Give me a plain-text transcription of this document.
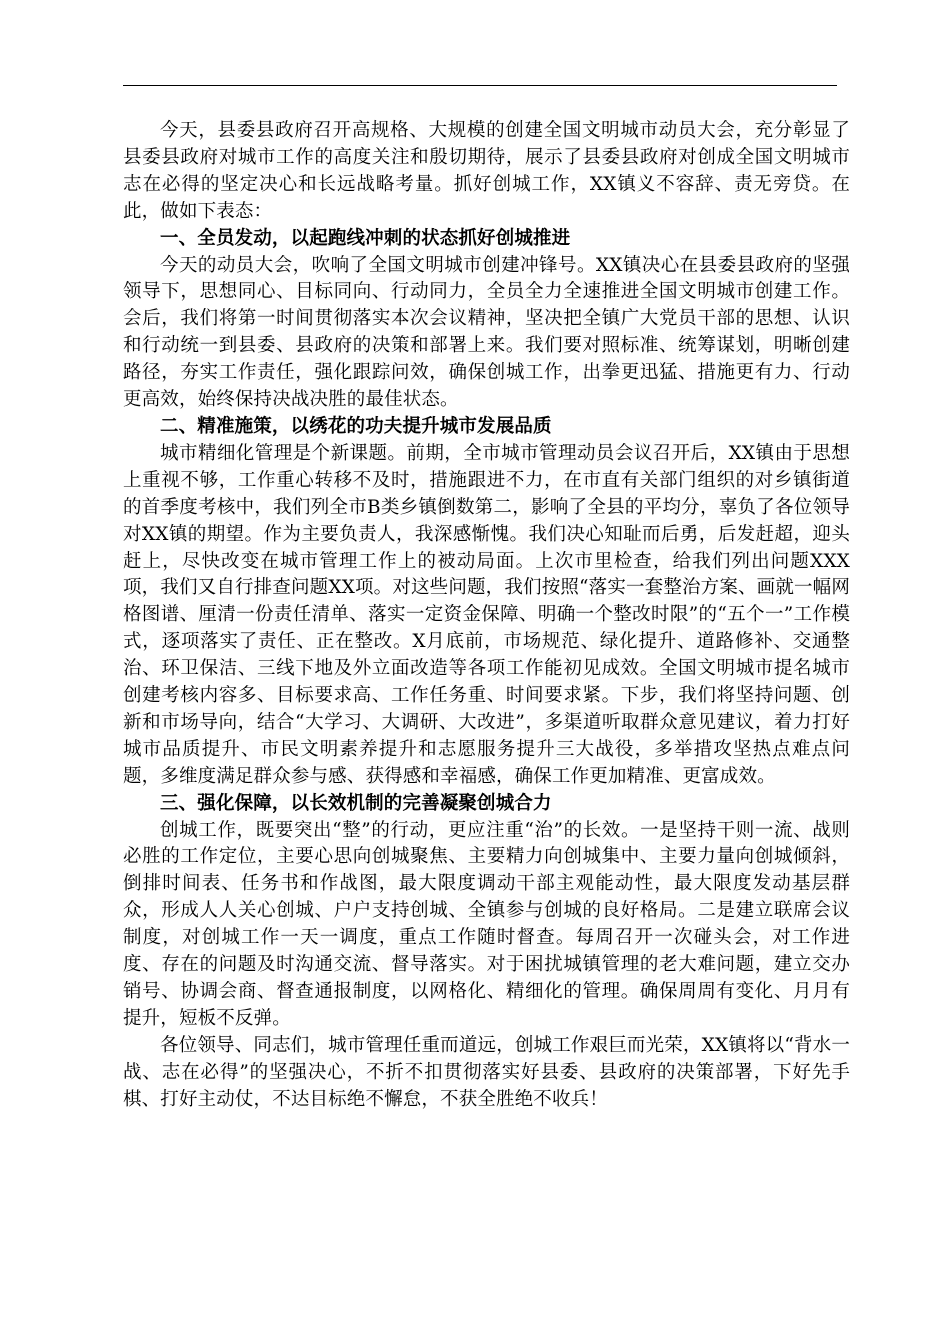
今天，县委县政府召开高规格、大规模的创建全国文明城市动员大会，充分彰显了县委县政府对城市工作的高度关注和殷切期待，展示了县委县政府对创成全国文明城市志在必得的坚定决心和长远战略考量。抓好创城工作，XX镇义不容辞、责无旁贷。在此，做如下表态：

一、全员发动，以起跑线冲刺的状态抓好创城推进

今天的动员大会，吹响了全国文明城市创建冲锋号。XX镇决心在县委县政府的坚强领导下，思想同心、目标同向、行动同力，全员全力全速推进全国文明城市创建工作。会后，我们将第一时间贯彻落实本次会议精神，坚决把全镇广大党员干部的思想、认识和行动统一到县委、县政府的决策和部署上来。我们要对照标准、统筹谋划，明晰创建路径，夯实工作责任，强化跟踪问效，确保创城工作，出拳更迅猛、措施更有力、行动更高效，始终保持决战决胜的最佳状态。

二、精准施策，以绣花的功夫提升城市发展品质

城市精细化管理是个新课题。前期，全市城市管理动员会议召开后，XX镇由于思想上重视不够，工作重心转移不及时，措施跟进不力，在市直有关部门组织的对乡镇街道的首季度考核中，我们列全市B类乡镇倒数第二，影响了全县的平均分，辜负了各位领导对XX镇的期望。作为主要负责人，我深感惭愧。我们决心知耻而后勇，后发赶超，迎头赶上，尽快改变在城市管理工作上的被动局面。上次市里检查，给我们列出问题XXX项，我们又自行排查问题XX项。对这些问题，我们按照“落实一套整治方案、画就一幅网格图谱、厘清一份责任清单、落实一定资金保障、明确一个整改时限”的“五个一”工作模式，逐项落实了责任、正在整改。X月底前，市场规范、绿化提升、道路修补、交通整治、环卫保洁、三线下地及外立面改造等各项工作能初见成效。全国文明城市提名城市创建考核内容多、目标要求高、工作任务重、时间要求紧。下步，我们将坚持问题、创新和市场导向，结合“大学习、大调研、大改进”，多渠道听取群众意见建议，着力打好城市品质提升、市民文明素养提升和志愿服务提升三大战役，多举措攻坚热点难点问题，多维度满足群众参与感、获得感和幸福感，确保工作更加精准、更富成效。

三、强化保障，以长效机制的完善凝聚创城合力

创城工作，既要突出“整”的行动，更应注重“治”的长效。一是坚持干则一流、战则必胜的工作定位，主要心思向创城聚焦、主要精力向创城集中、主要力量向创城倾斜，倒排时间表、任务书和作战图，最大限度调动干部主观能动性，最大限度发动基层群众，形成人人关心创城、户户支持创城、全镇参与创城的良好格局。二是建立联席会议制度，对创城工作一天一调度，重点工作随时督查。每周召开一次碰头会，对工作进度、存在的问题及时沟通交流、督导落实。对于困扰城镇管理的老大难问题，建立交办销号、协调会商、督查通报制度，以网格化、精细化的管理。确保周周有变化、月月有提升，短板不反弹。

各位领导、同志们，城市管理任重而道远，创城工作艰巨而光荣，XX镇将以“背水一战、志在必得”的坚强决心，不折不扣贯彻落实好县委、县政府的决策部署，下好先手棋、打好主动仗，不达目标绝不懈怠，不获全胜绝不收兵！
